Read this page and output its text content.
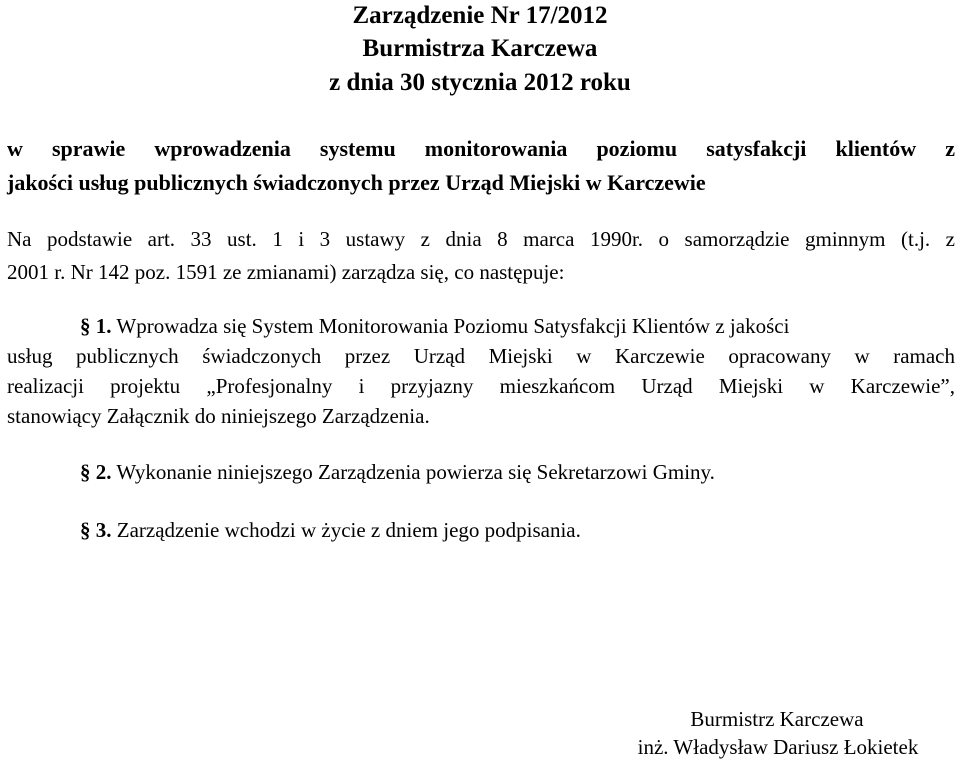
Zarządzenie Nr 17/2012
Burmistrza Karczewa
z dnia 30 stycznia 2012 roku
w sprawie wprowadzenia systemu monitorowania poziomu satysfakcji klientów z
jakości usług publicznych świadczonych przez Urząd Miejski w Karczewie
Na podstawie art. 33 ust. 1 i 3 ustawy z dnia 8 marca 1990r. o samorządzie gminnym (t.j. z
2001 r. Nr 142 poz. 1591 ze zmianami) zarządza się, co następuje:
§ 1. Wprowadza się System Monitorowania Poziomu Satysfakcji Klientów z jakości
usług publicznych świadczonych przez Urząd Miejski w Karczewie opracowany w ramach
realizacji projektu „Profesjonalny i przyjazny mieszkańcom Urząd Miejski w Karczewie”,
stanowiący Załącznik do niniejszego Zarządzenia.
§ 2. Wykonanie niniejszego Zarządzenia powierza się Sekretarzowi Gminy.
§ 3. Zarządzenie wchodzi w życie z dniem jego podpisania.
Burmistrz Karczewa
inż. Władysław Dariusz Łokietek
